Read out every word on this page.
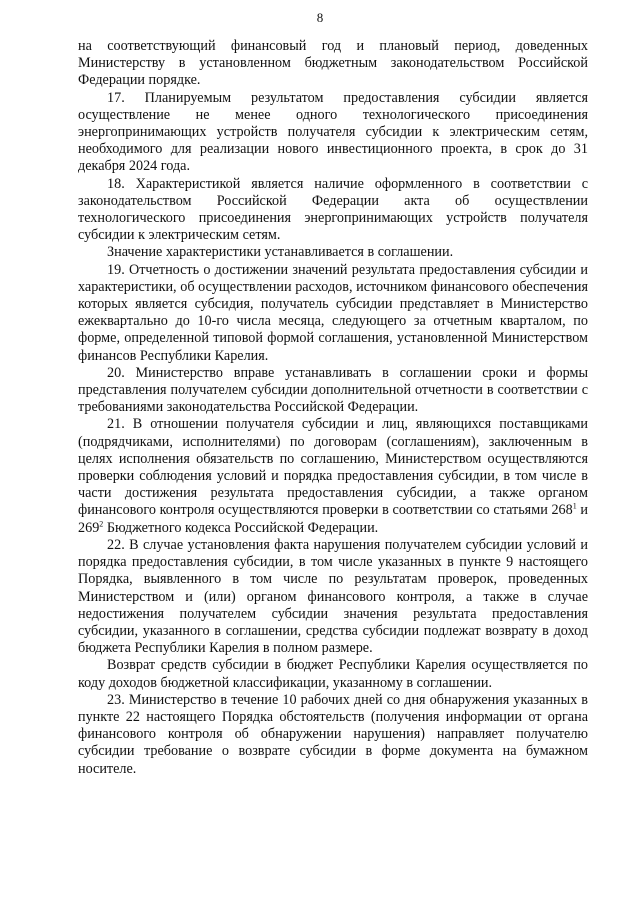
8

на соответствующий финансовый год и плановый период, доведенных Министерству в установленном бюджетным законодательством Российской Федерации порядке.

17. Планируемым результатом предоставления субсидии является осуществление не менее одного технологического присоединения энергопринимающих устройств получателя субсидии к электрическим сетям, необходимого для реализации нового инвестиционного проекта, в срок до 31 декабря 2024 года.

18. Характеристикой является наличие оформленного в соответствии с законодательством Российской Федерации акта об осуществлении технологического присоединения энергопринимающих устройств получателя субсидии к электрическим сетям.

Значение характеристики устанавливается в соглашении.

19. Отчетность о достижении значений результата предоставления субсидии и характеристики, об осуществлении расходов, источником финансового обеспечения которых является субсидия, получатель субсидии представляет в Министерство ежеквартально до 10-го числа месяца, следующего за отчетным кварталом, по форме, определенной типовой формой соглашения, установленной Министерством финансов Республики Карелия.

20. Министерство вправе устанавливать в соглашении сроки и формы представления получателем субсидии дополнительной отчетности в соответствии с требованиями законодательства Российской Федерации.

21. В отношении получателя субсидии и лиц, являющихся поставщиками (подрядчиками, исполнителями) по договорам (соглашениям), заключенным в целях исполнения обязательств по соглашению, Министерством осуществляются проверки соблюдения условий и порядка предоставления субсидии, в том числе в части достижения результата предоставления субсидии, а также органом финансового контроля осуществляются проверки в соответствии со статьями $268^1$ и $269^2$ Бюджетного кодекса Российской Федерации.

22. В случае установления факта нарушения получателем субсидии условий и порядка предоставления субсидии, в том числе указанных в пункте 9 настоящего Порядка, выявленного в том числе по результатам проверок, проведенных Министерством и (или) органом финансового контроля, а также в случае недостижения получателем субсидии значения результата предоставления субсидии, указанного в соглашении, средства субсидии подлежат возврату в доход бюджета Республики Карелия в полном размере.

Возврат средств субсидии в бюджет Республики Карелия осуществляется по коду доходов бюджетной классификации, указанному в соглашении.

23. Министерство в течение 10 рабочих дней со дня обнаружения указанных в пункте 22 настоящего Порядка обстоятельств (получения информации от органа финансового контроля об обнаружении нарушения) направляет получателю субсидии требование о возврате субсидии в форме документа на бумажном носителе.
